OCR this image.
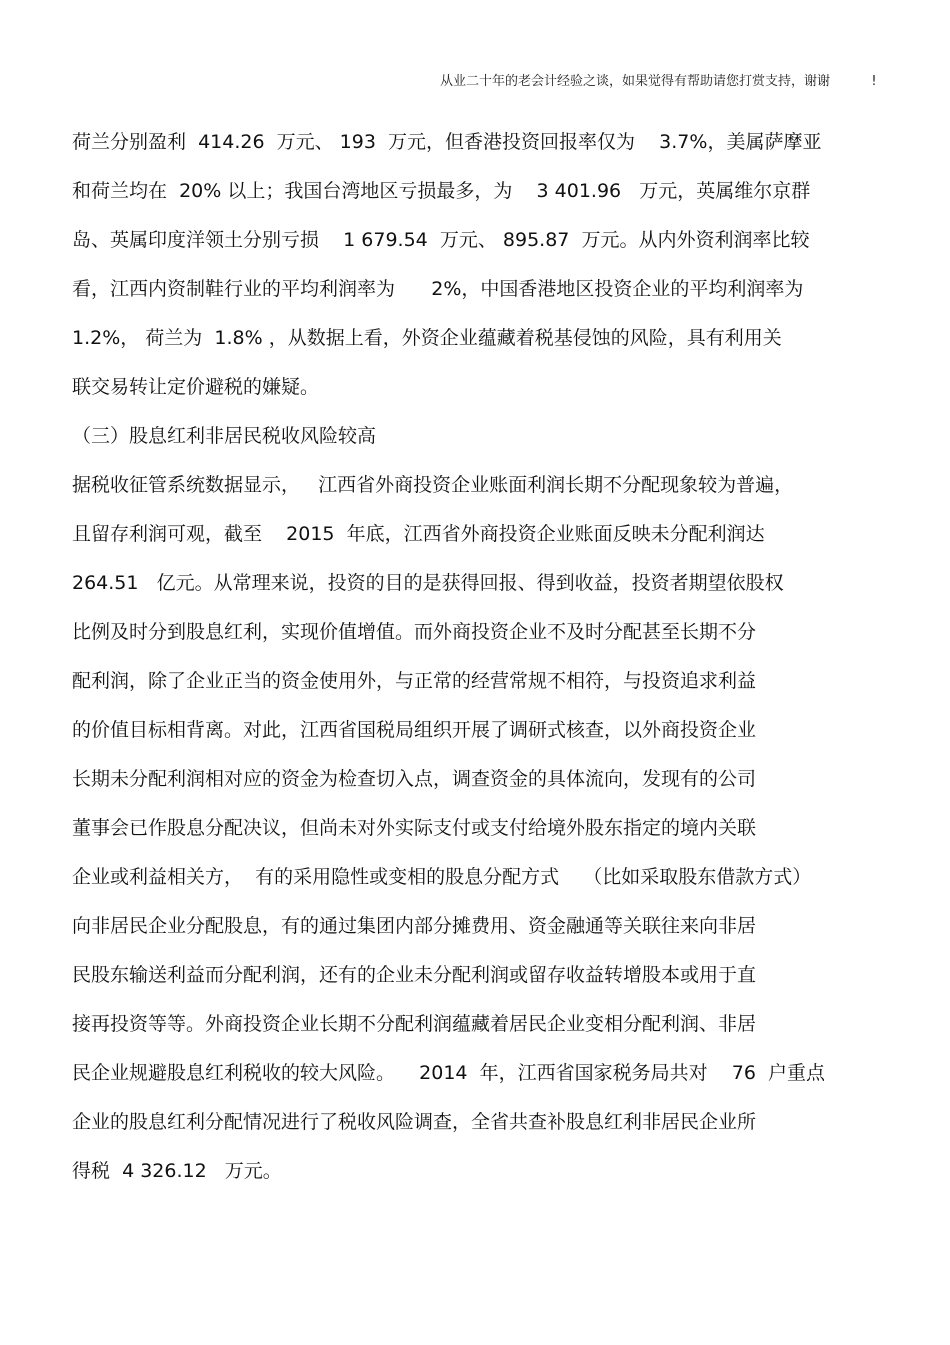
从业二十年的老会计经验之谈，如果觉得有帮助请您打赏支持，谢谢          !
荷兰分别盈利  414.26  万元、 193  万元，但香港投资回报率仅为    3.7%，美属萨摩亚
和荷兰均在  20% 以上；我国台湾地区亏损最多，为    3 401.96   万元，英属维尔京群
岛、英属印度洋领土分别亏损    1 679.54  万元、 895.87  万元。从内外资利润率比较
看，江西内资制鞋行业的平均利润率为      2%，中国香港地区投资企业的平均利润率为
1.2%， 荷兰为  1.8% ，从数据上看，外资企业蕴藏着税基侵蚀的风险，具有利用关
联交易转让定价避税的嫌疑。
（三）股息红利非居民税收风险较高
据税收征管系统数据显示，   江西省外商投资企业账面利润长期不分配现象较为普遍，
且留存利润可观，截至    2015  年底，江西省外商投资企业账面反映未分配利润达
264.51   亿元。从常理来说，投资的目的是获得回报、得到收益，投资者期望依股权
比例及时分到股息红利，实现价值增值。而外商投资企业不及时分配甚至长期不分
配利润，除了企业正当的资金使用外，与正常的经营常规不相符，与投资追求利益
的价值目标相背离。对此，江西省国税局组织开展了调研式核查，以外商投资企业
长期未分配利润相对应的资金为检查切入点，调查资金的具体流向，发现有的公司
董事会已作股息分配决议，但尚未对外实际支付或支付给境外股东指定的境内关联
企业或利益相关方，  有的采用隐性或变相的股息分配方式    （比如采取股东借款方式）
向非居民企业分配股息，有的通过集团内部分摊费用、资金融通等关联往来向非居
民股东输送利益而分配利润，还有的企业未分配利润或留存收益转增股本或用于直
接再投资等等。外商投资企业长期不分配利润蕴藏着居民企业变相分配利润、非居
民企业规避股息红利税收的较大风险。    2014  年，江西省国家税务局共对    76  户重点
企业的股息红利分配情况进行了税收风险调查，全省共查补股息红利非居民企业所
得税  4 326.12   万元。
